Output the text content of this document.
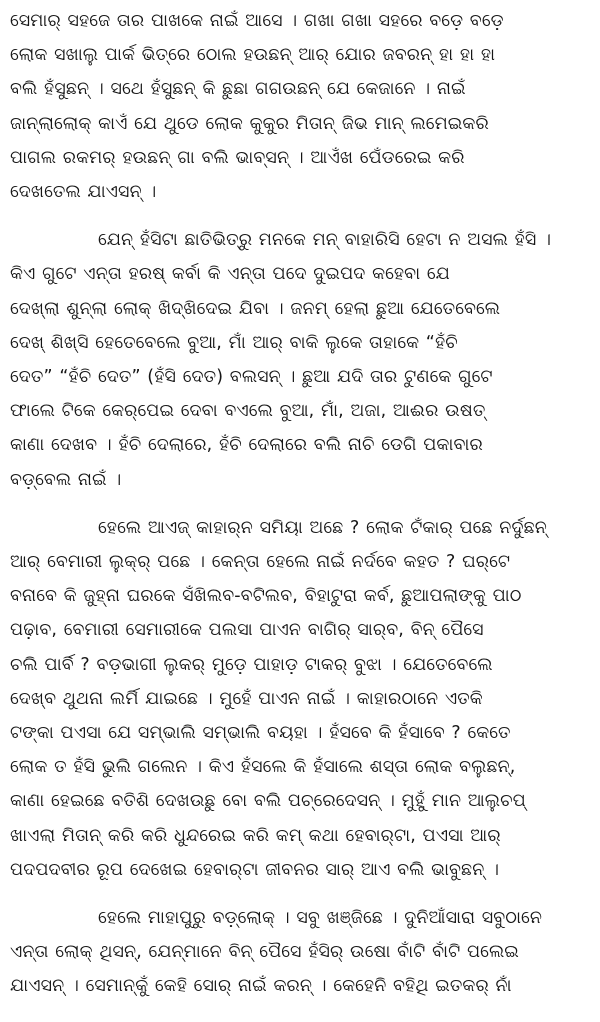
ସେମାର୍ ସହଜେ ତାର ପାଖକେ ନାଇଁ ଆସେ । ଗଖା ଗଖା ସହରେ ବଡ଼େ ବଡ଼େ
ଲୋକ ସଖାଲୁ ପାର୍କ ଭିତ୍ରେ ଠୋଲ ହଉଛନ୍ ଆର୍ ଯୋର ଜବରନ୍ ହା ହା ହା
ବଲି ହଁସୁଛନ୍ । ସଥେ ହଁସୁଛନ୍ କି ଛୁଛା ଗଗଉଛନ୍ ଯେ କେଜାନେ । ନାଇଁ
ଜାନ୍‌ଲାଲୋକ୍ କାଏଁ ଯେ ଥୁଡେ ଲୋକ କୁକୁର ମିତାନ୍ ଜିଭ ମାନ୍ ଲମେଇକରି
ପାଗଲ ରକମର୍ ହଉଛନ୍ ଗା ବଲି ଭାବ୍‌ସନ୍ । ଆଏଁଖ ପେଁଡରେଇ କରି
ଦେଖତେଲ ଯାଏସନ୍ ।

ଯେନ୍ ହଁସିଟା ଛାତିଭିତ୍ରୁ ମନକେ ମନ୍ ବାହାରିସି ହେଟା ନ ଅସଲ ହଁସି ।
କିଏ ଗୁଟେ ଏନ୍ତା ହରଷ୍ କର୍ବା କି ଏନ୍ତା ପଦେ ଦୁଇପଦ କହେବା ଯେ
ଦେଖ୍‌ଲା ଶୁନ୍‌ଲା ଲୋକ୍ ଖିଦ୍‌ଖିଦେଇ ଯିବା । ଜନମ୍ ହେଲା ଛୁଆ ଯେତେବେଲେ
ଦେଖ୍ ଶିଖ୍‌ସି ହେତେବେଲେ ବୁଆ, ମାଁ ଆର୍ ବାକି ଲୁକେ ତାହାକେ “ହଁଚି
ଦେତ” “ହଁଚି ଦେତ” (ହଁସି ଦେତ) ବଲସନ୍ । ଛୁଆ ଯଦି ତାର ଟୁଣକେ ଗୁଟେ
ଫାଲେ ଟିକେ କେର୍‌ପେଇ ଦେବା ବଏଲେ ବୁଆ, ମାଁ, ଅଜା, ଆଈର ଉଷତ୍
କାଣା ଦେଖବ । ହଁଚି ଦେଲାରେ, ହଁଚି ଦେଲାରେ ବଲି ନାଚି ଡେଗି ପକାବାର
ବଡ଼୍‌ବେଲ ନାଇଁ ।

ହେଲେ ଆଏଜ୍ କାହାର୍‌ନ ସମିୟା ଅଛେ ? ଲୋକ ଟଁକାର୍ ପଛେ ନର୍ଦୁଛନ୍
ଆର୍ ବେମାରୀ ଲୁକ୍‌ର୍ ପଛେ । କେନ୍ତା ହେଲେ ନାଇଁ ନର୍ଦବେ କହତ ? ଘର୍‌ଟେ
ବନାବେ କି ଜୁହ୍ନା ଘରକେ ସଁଖିଲବ-ବଟିଲବ, ବିହାଟୁରା କର୍ବ, ଛୁଆପଲାଙ୍କୁ ପାଠ
ପଢ଼ାବ, ବେମାରୀ ସେମାରୀକେ ପଲସା ପାଏନ ବାଗିର୍ ସାର୍‌ବ, ବିନ୍ ପୈସେ
ଚଲି ପାର୍ବି ? ବଡ଼ଭାଗୀ ଲୁକର୍ ମୁଡ଼େ ପାହାଡ଼ ଟାକର୍ ବୁଝା । ଯେତେବେଲେ
ଦେଖ୍‌ବ ଥୁଥନା ଲର୍ମି ଯାଇଛେ । ମୁହେଁ ପାଏନ ନାଇଁ । କାହାରଠାନେ ଏତକି
ଟଙ୍କା ପଏସା ଯେ ସମ୍ଭାଲି ସମ୍ଭାଲି ବୟହା । ହଁସବେ କି ହଁସାବେ ? କେତେ
ଲୋକ ତ ହଁସି ଭୁଲି ଗଲେନ । କିଏ ହଁସଲେ କି ହଁସାଲେ ଶସ୍ତା ଲୋକ ବଲୁଛନ୍,
କାଣା ହେଇଛେ ବତିଶି ଦେଖଉଛୁ ବୋ ବଲି ପଚ୍ରେଦେସନ୍ । ମୁହୁଁ ମାନ ଆଲୁଚପ୍
ଖାଏଲା ମିତାନ୍ କରି କରି ଧୁନ୍ଦରେଇ କରି କମ୍ କଥା ହେବାର୍‌ଟା, ପଏସା ଆର୍
ପଦପଦବୀର ରୂପ ଦେଖେଇ ହେବାର୍‌ଟା ଜୀବନର ସାର୍ ଆଏ ବଲି ଭାବୁଛନ୍ ।

ହେଲେ ମାହାପୁରୁ ବଡ଼୍‌ଲୋକ୍ । ସବୁ ଖଞ୍ଜିଛେ । ଦୁନିଆଁସାରା ସବୁଠାନେ
ଏନ୍ତା ଲୋକ୍ ଥିସନ୍, ଯେନ୍‌ମାନେ ବିନ୍ ପୈସେ ହଁସିର୍ ଉଷୋ ବାଁଟି ବାଁଟି ପଲେଇ
ଯାଏସନ୍ । ସେମାନ୍‌କୁଁ କେହି ସୋର୍ ନାଇଁ କରନ୍ । କେହେନି ବହିଥି ଇତକର୍ ନାଁ
